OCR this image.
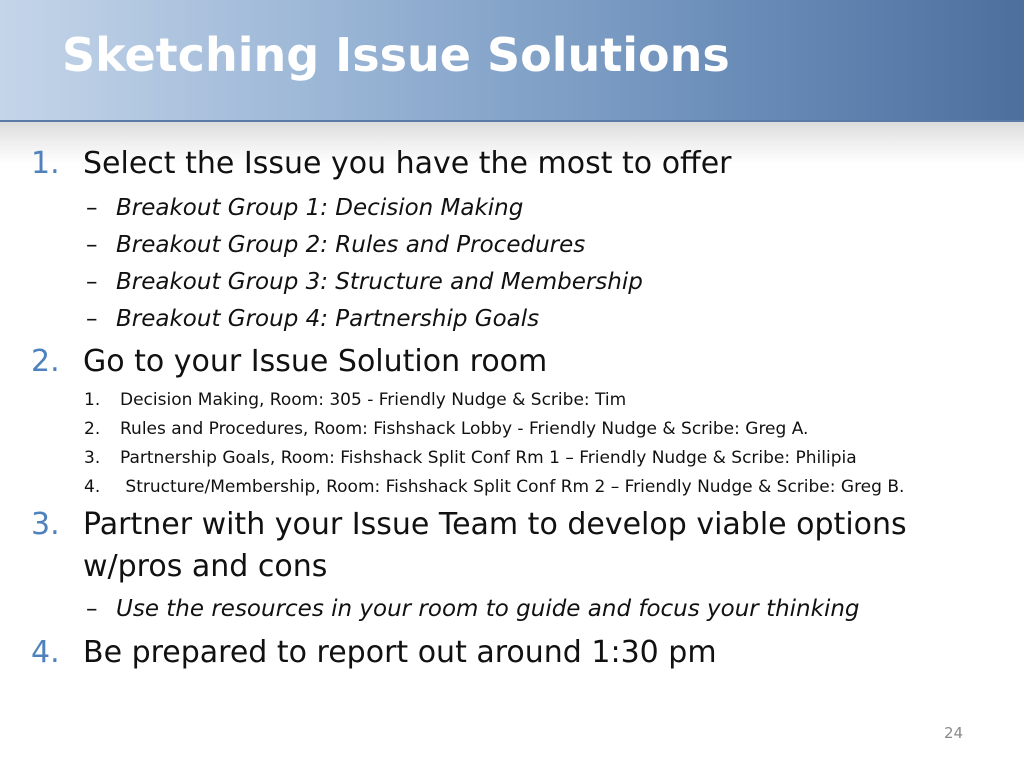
Sketching Issue Solutions
1. Select the Issue you have the most to offer
– Breakout Group 1: Decision Making
– Breakout Group 2: Rules and Procedures
– Breakout Group 3: Structure and Membership
– Breakout Group 4: Partnership Goals
2. Go to your Issue Solution room
1. Decision Making, Room: 305 - Friendly Nudge & Scribe: Tim
2. Rules and Procedures, Room: Fishshack Lobby - Friendly Nudge & Scribe: Greg A.
3. Partnership Goals, Room: Fishshack Split Conf Rm 1 – Friendly Nudge & Scribe: Philipia
4. Structure/Membership, Room: Fishshack Split Conf Rm 2 – Friendly Nudge & Scribe: Greg B.
3. Partner with your Issue Team to develop viable options
w/pros and cons
– Use the resources in your room to guide and focus your thinking
4. Be prepared to report out around 1:30 pm
24
